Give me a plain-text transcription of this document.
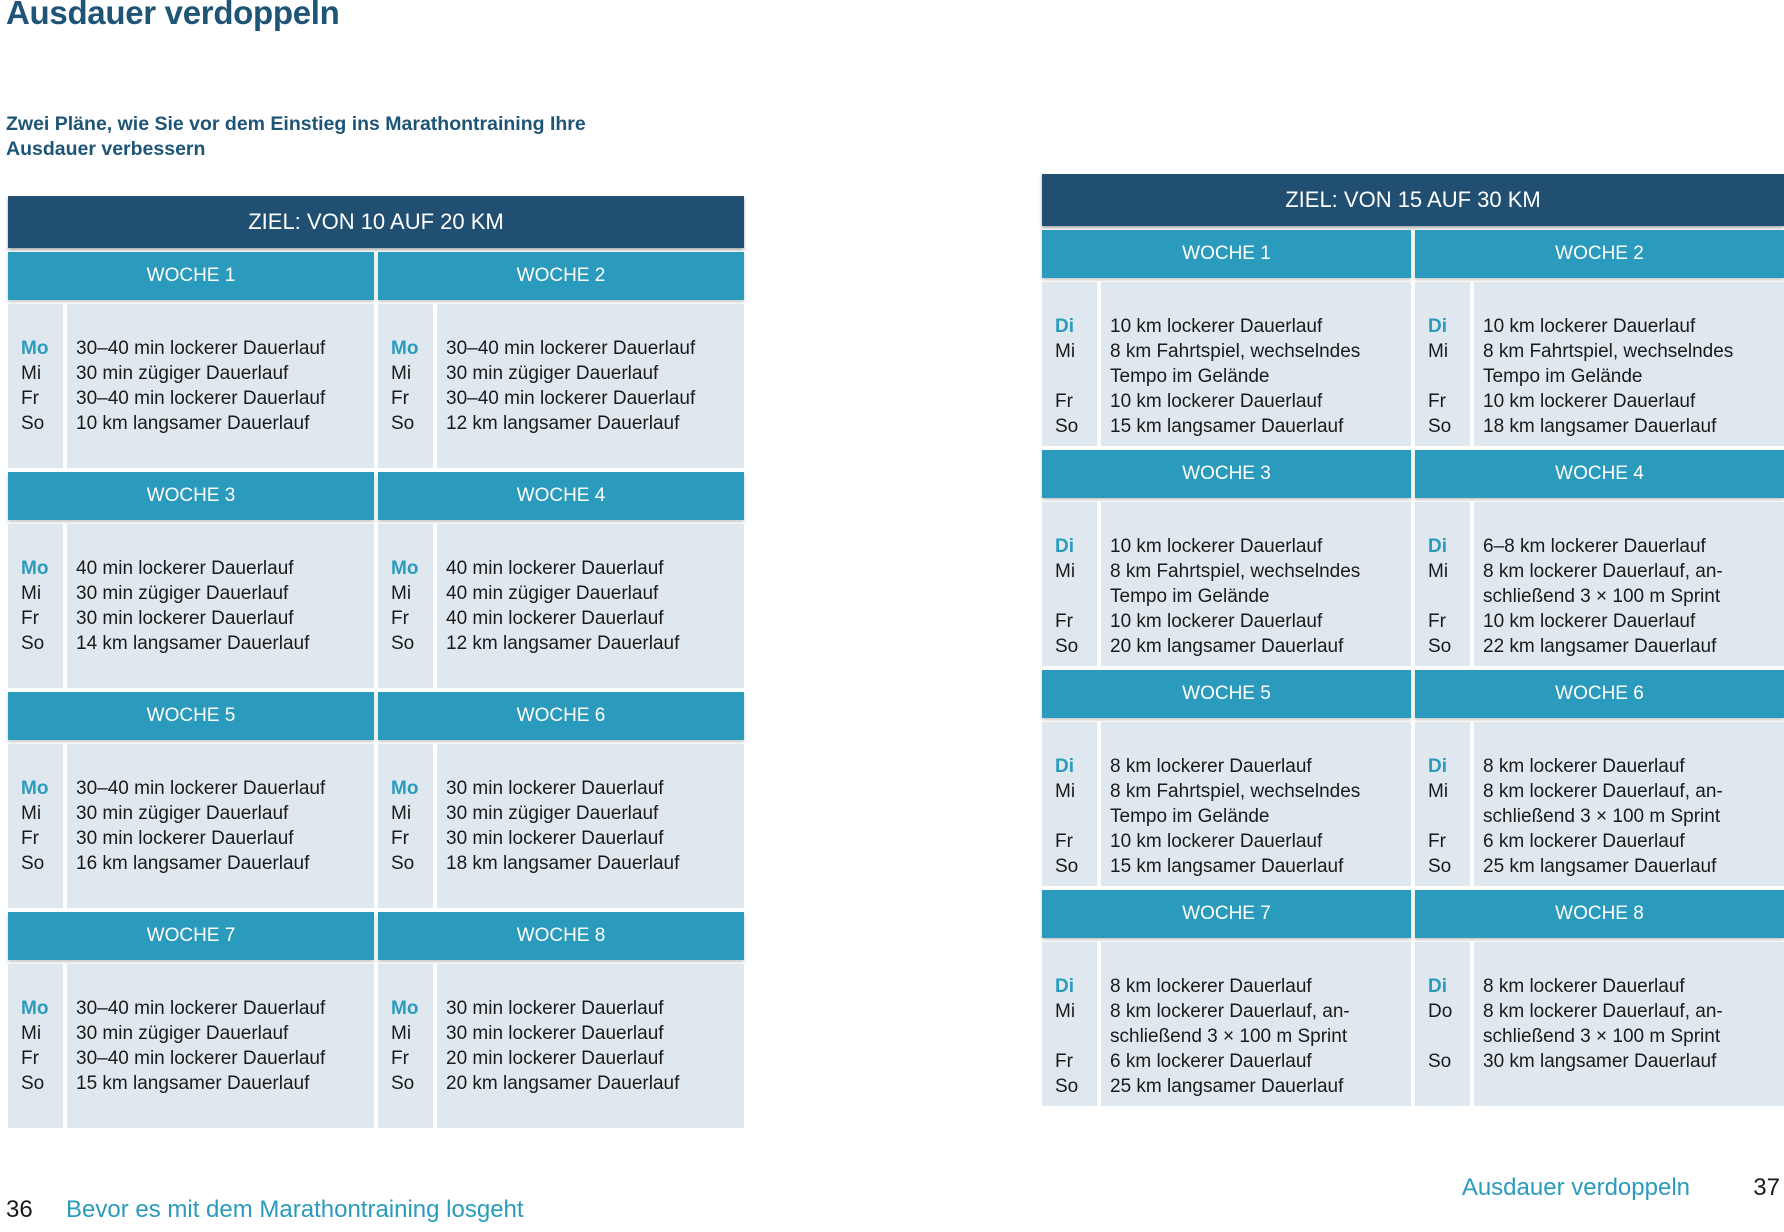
Ausdauer verdoppeln
Zwei Pläne, wie Sie vor dem Einstieg ins Marathontraining Ihre Ausdauer verbessern
ZIEL: VON 10 AUF 20 KM
WOCHE 1
Mo
Mi
Fr
So
30–40 min lockerer Dauerlauf
30 min zügiger Dauerlauf
30–40 min lockerer Dauerlauf
10 km langsamer Dauerlauf
WOCHE 2
Mo
Mi
Fr
So
30–40 min lockerer Dauerlauf
30 min zügiger Dauerlauf
30–40 min lockerer Dauerlauf
12 km langsamer Dauerlauf
WOCHE 3
Mo
Mi
Fr
So
40 min lockerer Dauerlauf
30 min zügiger Dauerlauf
30 min lockerer Dauerlauf
14 km langsamer Dauerlauf
WOCHE 4
Mo
Mi
Fr
So
40 min lockerer Dauerlauf
40 min zügiger Dauerlauf
40 min lockerer Dauerlauf
12 km langsamer Dauerlauf
WOCHE 5
Mo
Mi
Fr
So
30–40 min lockerer Dauerlauf
30 min zügiger Dauerlauf
30 min lockerer Dauerlauf
16 km langsamer Dauerlauf
WOCHE 6
Mo
Mi
Fr
So
30 min lockerer Dauerlauf
30 min zügiger Dauerlauf
30 min lockerer Dauerlauf
18 km langsamer Dauerlauf
WOCHE 7
Mo
Mi
Fr
So
30–40 min lockerer Dauerlauf
30 min zügiger Dauerlauf
30–40 min lockerer Dauerlauf
15 km langsamer Dauerlauf
WOCHE 8
Mo
Mi
Fr
So
30 min lockerer Dauerlauf
30 min lockerer Dauerlauf
20 min lockerer Dauerlauf
20 km langsamer Dauerlauf
ZIEL: VON 15 AUF 30 KM
WOCHE 1
Di
Mi
Fr
So
10 km lockerer Dauerlauf
8 km Fahrtspiel, wechselndes
Tempo im Gelände
10 km lockerer Dauerlauf
15 km langsamer Dauerlauf
WOCHE 2
Di
Mi
Fr
So
10 km lockerer Dauerlauf
8 km Fahrtspiel, wechselndes
Tempo im Gelände
10 km lockerer Dauerlauf
18 km langsamer Dauerlauf
WOCHE 3
Di
Mi
Fr
So
10 km lockerer Dauerlauf
8 km Fahrtspiel, wechselndes
Tempo im Gelände
10 km lockerer Dauerlauf
20 km langsamer Dauerlauf
WOCHE 4
Di
Mi
Fr
So
6–8 km lockerer Dauerlauf
8 km lockerer Dauerlauf, an-
schließend 3 × 100 m Sprint
10 km lockerer Dauerlauf
22 km langsamer Dauerlauf
WOCHE 5
Di
Mi
Fr
So
8 km lockerer Dauerlauf
8 km Fahrtspiel, wechselndes
Tempo im Gelände
10 km lockerer Dauerlauf
15 km langsamer Dauerlauf
WOCHE 6
Di
Mi
Fr
So
8 km lockerer Dauerlauf
8 km lockerer Dauerlauf, an-
schließend 3 × 100 m Sprint
6 km lockerer Dauerlauf
25 km langsamer Dauerlauf
WOCHE 7
Di
Mi
Fr
So
8 km lockerer Dauerlauf
8 km lockerer Dauerlauf, an-
schließend 3 × 100 m Sprint
6 km lockerer Dauerlauf
25 km langsamer Dauerlauf
WOCHE 8
Di
Do
So
8 km lockerer Dauerlauf
8 km lockerer Dauerlauf, an-
schließend 3 × 100 m Sprint
30 km langsamer Dauerlauf
36 Bevor es mit dem Marathontraining losgeht
Ausdauer verdoppeln	37
